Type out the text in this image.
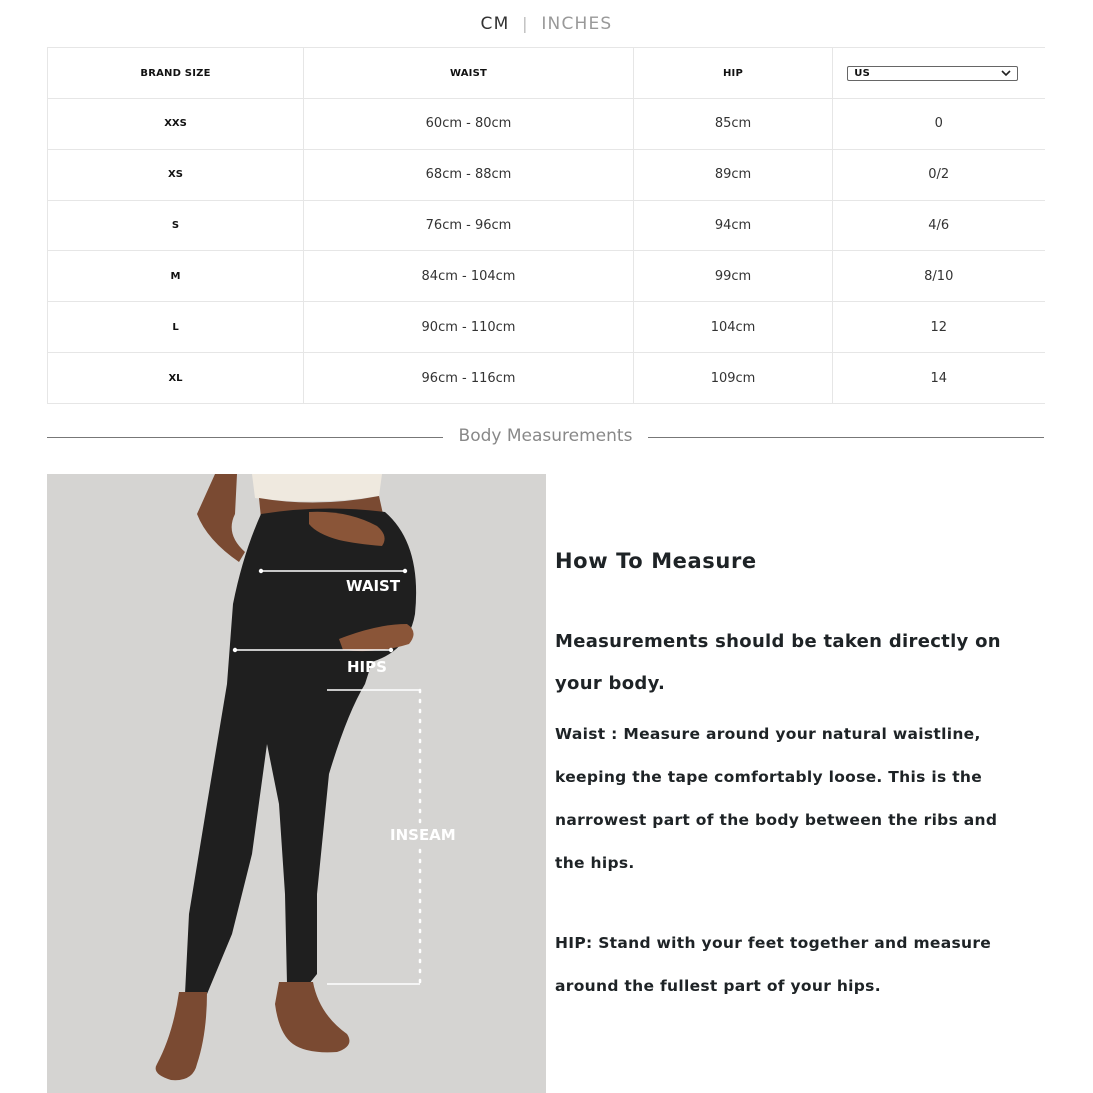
CM | INCHES
BRAND SIZE	WAIST	HIP	US

XXS	60cm - 80cm	85cm	0
XS	68cm - 88cm	89cm	0/2
S	76cm - 96cm	94cm	4/6
M	84cm - 104cm	99cm	8/10
L	90cm - 110cm	104cm	12
XL	96cm - 116cm	109cm	14
Body Measurements
WAIST
HIPS
INSEAM
How To Measure
Measurements should be taken directly on your body.
Waist : Measure around your natural waistline, keeping the tape comfortably loose. This is the narrowest part of the body between the ribs and the hips.
HIP: Stand with your feet together and measure around the fullest part of your hips.
